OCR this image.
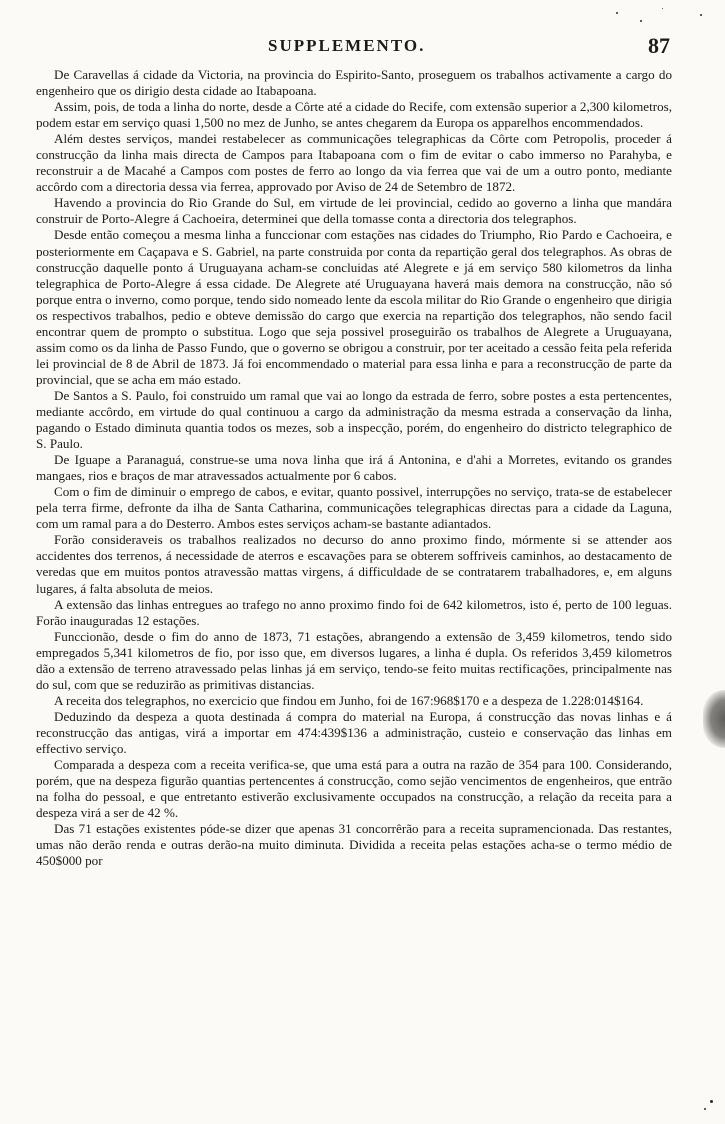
SUPPLEMENTO.	87

De Caravellas á cidade da Victoria, na provincia do Espirito-Santo, proseguem os trabalhos activamente a cargo do engenheiro que os dirigio desta cidade ao Itabapoana.

Assim, pois, de toda a linha do norte, desde a Côrte até a cidade do Recife, com extensão superior a 2,300 kilometros, podem estar em serviço quasi 1,500 no mez de Junho, se antes chegarem da Europa os apparelhos encommendados.

Além destes serviços, mandei restabelecer as communicações telegraphicas da Côrte com Petropolis, proceder á construcção da linha mais directa de Campos para Itabapoana com o fim de evitar o cabo immerso no Parahyba, e reconstruir a de Macahé a Campos com postes de ferro ao longo da via ferrea que vai de um a outro ponto, mediante accôrdo com a directoria dessa via ferrea, approvado por Aviso de 24 de Setembro de 1872.

Havendo a provincia do Rio Grande do Sul, em virtude de lei provincial, cedido ao governo a linha que mandára construir de Porto-Alegre á Cachoeira, determinei que della tomasse conta a directoria dos telegraphos.

Desde então começou a mesma linha a funccionar com estações nas cidades do Triumpho, Rio Pardo e Cachoeira, e posteriormente em Caçapava e S. Gabriel, na parte construida por conta da repartição geral dos telegraphos. As obras de construcção daquelle ponto á Uruguayana acham-se concluidas até Alegrete e já em serviço 580 kilometros da linha telegraphica de Porto-Alegre á essa cidade. De Alegrete até Uruguayana haverá mais demora na construcção, não só porque entra o inverno, como porque, tendo sido nomeado lente da escola militar do Rio Grande o engenheiro que dirigia os respectivos trabalhos, pedio e obteve demissão do cargo que exercia na repartição dos telegraphos, não sendo facil encontrar quem de prompto o substitua. Logo que seja possivel proseguirão os trabalhos de Alegrete a Uruguayana, assim como os da linha de Passo Fundo, que o governo se obrigou a construir, por ter aceitado a cessão feita pela referida lei provincial de 8 de Abril de 1873. Já foi encommendado o material para essa linha e para a reconstrucção de parte da provincial, que se acha em máo estado.

De Santos a S. Paulo, foi construido um ramal que vai ao longo da estrada de ferro, sobre postes a esta pertencentes, mediante accôrdo, em virtude do qual continuou a cargo da administração da mesma estrada a conservação da linha, pagando o Estado diminuta quantia todos os mezes, sob a inspecção, porém, do engenheiro do districto telegraphico de S. Paulo.

De Iguape a Paranaguá, construe-se uma nova linha que irá á Antonina, e d'ahi a Morretes, evitando os grandes mangaes, rios e braços de mar atravessados actualmente por 6 cabos.

Com o fim de diminuir o emprego de cabos, e evitar, quanto possivel, interrupções no serviço, trata-se de estabelecer pela terra firme, defronte da ilha de Santa Catharina, communicações telegraphicas directas para a cidade da Laguna, com um ramal para a do Desterro. Ambos estes serviços acham-se bastante adiantados.

Forão consideraveis os trabalhos realizados no decurso do anno proximo findo, mórmente si se attender aos accidentes dos terrenos, á necessidade de aterros e escavações para se obterem soffriveis caminhos, ao destacamento de veredas que em muitos pontos atravessão mattas virgens, á difficuldade de se contratarem trabalhadores, e, em alguns lugares, á falta absoluta de meios.

A extensão das linhas entregues ao trafego no anno proximo findo foi de 642 kilometros, isto é, perto de 100 leguas. Forão inauguradas 12 estações.

Funccionão, desde o fim do anno de 1873, 71 estações, abrangendo a extensão de 3,459 kilometros, tendo sido empregados 5,341 kilometros de fio, por isso que, em diversos lugares, a linha é dupla. Os referidos 3,459 kilometros dão a extensão de terreno atravessado pelas linhas já em serviço, tendo-se feito muitas rectificações, principalmente nas do sul, com que se reduzirão as primitivas distancias.

A receita dos telegraphos, no exercicio que findou em Junho, foi de 167:968$170 e a despeza de 1.228:014$164.

Deduzindo da despeza a quota destinada á compra do material na Europa, á construcção das novas linhas e á reconstrucção das antigas, virá a importar em 474:439$136 a administração, custeio e conservação das linhas em effectivo serviço.

Comparada a despeza com a receita verifica-se, que uma está para a outra na razão de 354 para 100. Considerando, porém, que na despeza figurão quantias pertencentes á construcção, como sejão vencimentos de engenheiros, que entrão na folha do pessoal, e que entretanto estiverão exclusivamente occupados na construcção, a relação da receita para a despeza virá a ser de 42 %.

Das 71 estações existentes póde-se dizer que apenas 31 concorrêrão para a receita supramencionada. Das restantes, umas não derão renda e outras derão-na muito diminuta. Dividida a receita pelas estações acha-se o termo médio de 450$000 por
